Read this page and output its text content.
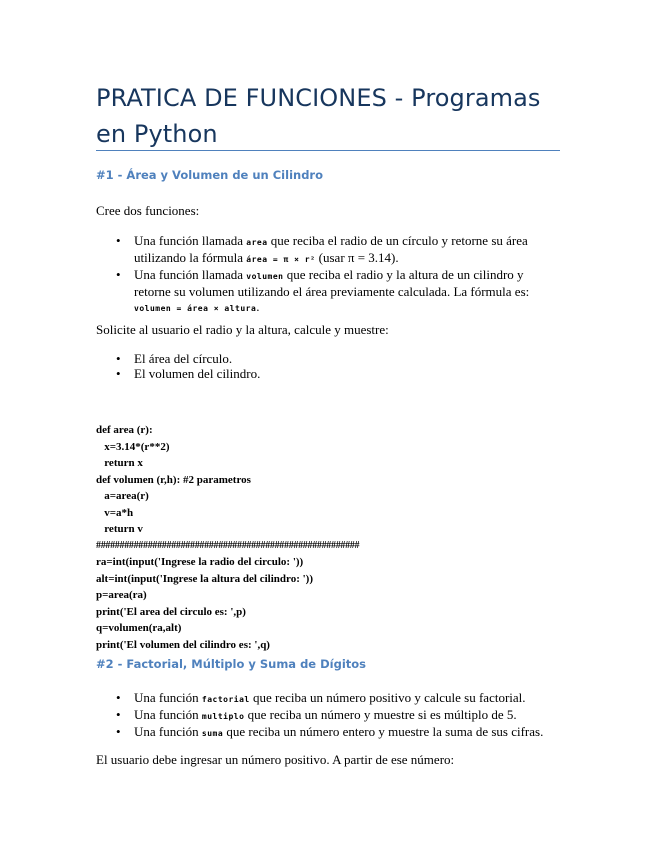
PRATICA DE FUNCIONES - Programas en Python
#1 - Área y Volumen de un Cilindro
Cree dos funciones:
• Una función llamada area que reciba el radio de un círculo y retorne su área utilizando la fórmula área = π × r² (usar π = 3.14).
• Una función llamada volumen que reciba el radio y la altura de un cilindro y retorne su volumen utilizando el área previamente calculada. La fórmula es: volumen = área × altura.
Solicite al usuario el radio y la altura, calcule y muestre:
• El área del círculo.
• El volumen del cilindro.
def area (r):
x=3.14*(r**2)
return x
def volumen (r,h): #2 parametros
a=area(r)
v=a*h
return v
########################################################
ra=int(input('Ingrese la radio del circulo: '))
alt=int(input('Ingrese la altura del cilindro: '))
p=area(ra)
print('El area del circulo es: ',p)
q=volumen(ra,alt)
print('El volumen del cilindro es: ',q)
#2 - Factorial, Múltiplo y Suma de Dígitos
• Una función factorial que reciba un número positivo y calcule su factorial.
• Una función multiplo que reciba un número y muestre si es múltiplo de 5.
• Una función suma que reciba un número entero y muestre la suma de sus cifras.
El usuario debe ingresar un número positivo. A partir de ese número:
